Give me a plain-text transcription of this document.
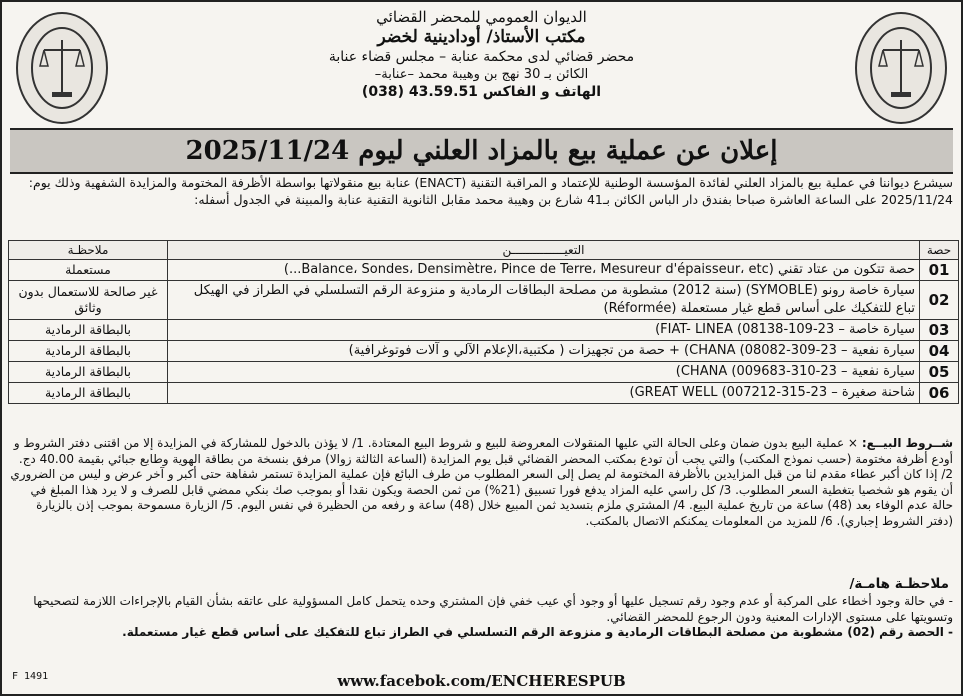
الديوان العمومي للمحضر القضائي
مكتب الأستاذ/ أودادينية لخضر
محضر قضائي لدى محكمة عنابة – مجلس قضاء عنابة
الكائن بـ 30 نهج بن وهيبة محمد –عنابة–
الهاتف و الفاكس 43.59.51 (038)
إعلان عن عملية بيع بالمزاد العلني ليوم 2025/11/24
سيشرع ديواننا في عملية بيع بالمزاد العلني لفائدة المؤسسة الوطنية للإعتماد و المراقبة التقنية (ENACT) عنابة بيع منقولاتها بواسطة الأظرفة المختومة والمزايدة الشفهية وذلك يوم: 2025/11/24 على الساعة العاشرة صباحا بفندق دار الباس الكائن بـ41 شارع بن وهيبة محمد مقابل الثانوية التقنية عنابة والمبينة في الجدول أسفله:
حصة	التعيـــــــــــــــن	ملاحظـة
01	حصة تتكون من عتاد تقني (Balance، Sondes، Densimètre، Pince de Terre، Mesureur d'épaisseur، etc...)	مستعملة
02	سيارة خاصة رونو (SYMOBLE) (سنة 2012) مشطوبة من مصلحة البطاقات الرمادية و منزوعة الرقم التسلسلي في الطراز في الهيكل تباع للتفكيك على أساس قطع غيار مستعملة (Réformée)	غير صالحة للاستعمال بدون وثائق
03	سيارة خاصة – 23-109-08138) FIAT- LINEA)	بالبطاقة الرمادية
04	سيارة نفعية – 23-309-08082) CHANA) + حصة من تجهيزات ( مكتبية،الإعلام الآلي و آلات فوتوغرافية)	بالبطاقة الرمادية
05	سيارة نفعية – 23-310-009683) CHANA)	بالبطاقة الرمادية
06	شاحنة صغيرة – 23-315-007212) GREAT WELL)	بالبطاقة الرمادية
شــروط البيــع: × عملية البيع بدون ضمان وعلى الحالة التي عليها المنقولات المعروضة للبيع و شروط البيع المعتادة. 1/ لا يؤذن بالدخول للمشاركة في المزايدة إلا من اقتنى دفتر الشروط و أودع أظرفة مختومة (حسب نموذج المكتب) والتي يجب أن تودع بمكتب المحضر القضائي قبل يوم المزايدة (الساعة الثالثة زوالا) مرفق بنسخة من بطاقة الهوية وطابع جبائي بقيمة 40.00 دج. 2/ إذا كان أكبر عطاء مقدم لنا من قبل المزايدين بالأظرفة المختومة لم يصل إلى السعر المطلوب من طرف البائع فإن عملية المزايدة تستمر شفاهة حتى أكبر و آخر عرض و ليس من الضروري أن يقوم هو شخصيا بتغطية السعر المطلوب. 3/ كل راسي عليه المزاد يدفع فورا تسبيق (21%) من ثمن الحصة ويكون نقدا أو بموجب صك بنكي ممضي قابل للصرف و لا يرد هذا المبلغ في حالة عدم الوفاء بعد (48) ساعة من تاريخ عملية البيع. 4/ المشتري ملزم بتسديد ثمن المبيع خلال (48) ساعة و رفعه من الحظيرة في نفس اليوم. 5/ الزيارة مسموحة بموجب إذن بالزيارة (دفتر الشروط إجباري). 6/ للمزيد من المعلومات يمكنكم الاتصال بالمكتب.
ملاحظـة هامـة/
- في حالة وجود أخطاء على المركبة أو عدم وجود رقم تسجيل عليها أو وجود أي عيب خفي فإن المشتري وحده يتحمل كامل المسؤولية على عاتقه بشأن القيام بالإجراءات اللازمة لتصحيحها وتسويتها على مستوى الإدارات المعنية ودون الرجوع للمحضر القضائي.
- الحصة رقم (02) مشطوبة من مصلحة البطاقات الرمادية و منزوعة الرقم التسلسلي في الطراز تباع للتفكيك على أساس قطع غيار مستعملة.
F 1491	www.facebok.com/ENCHERESPUB
